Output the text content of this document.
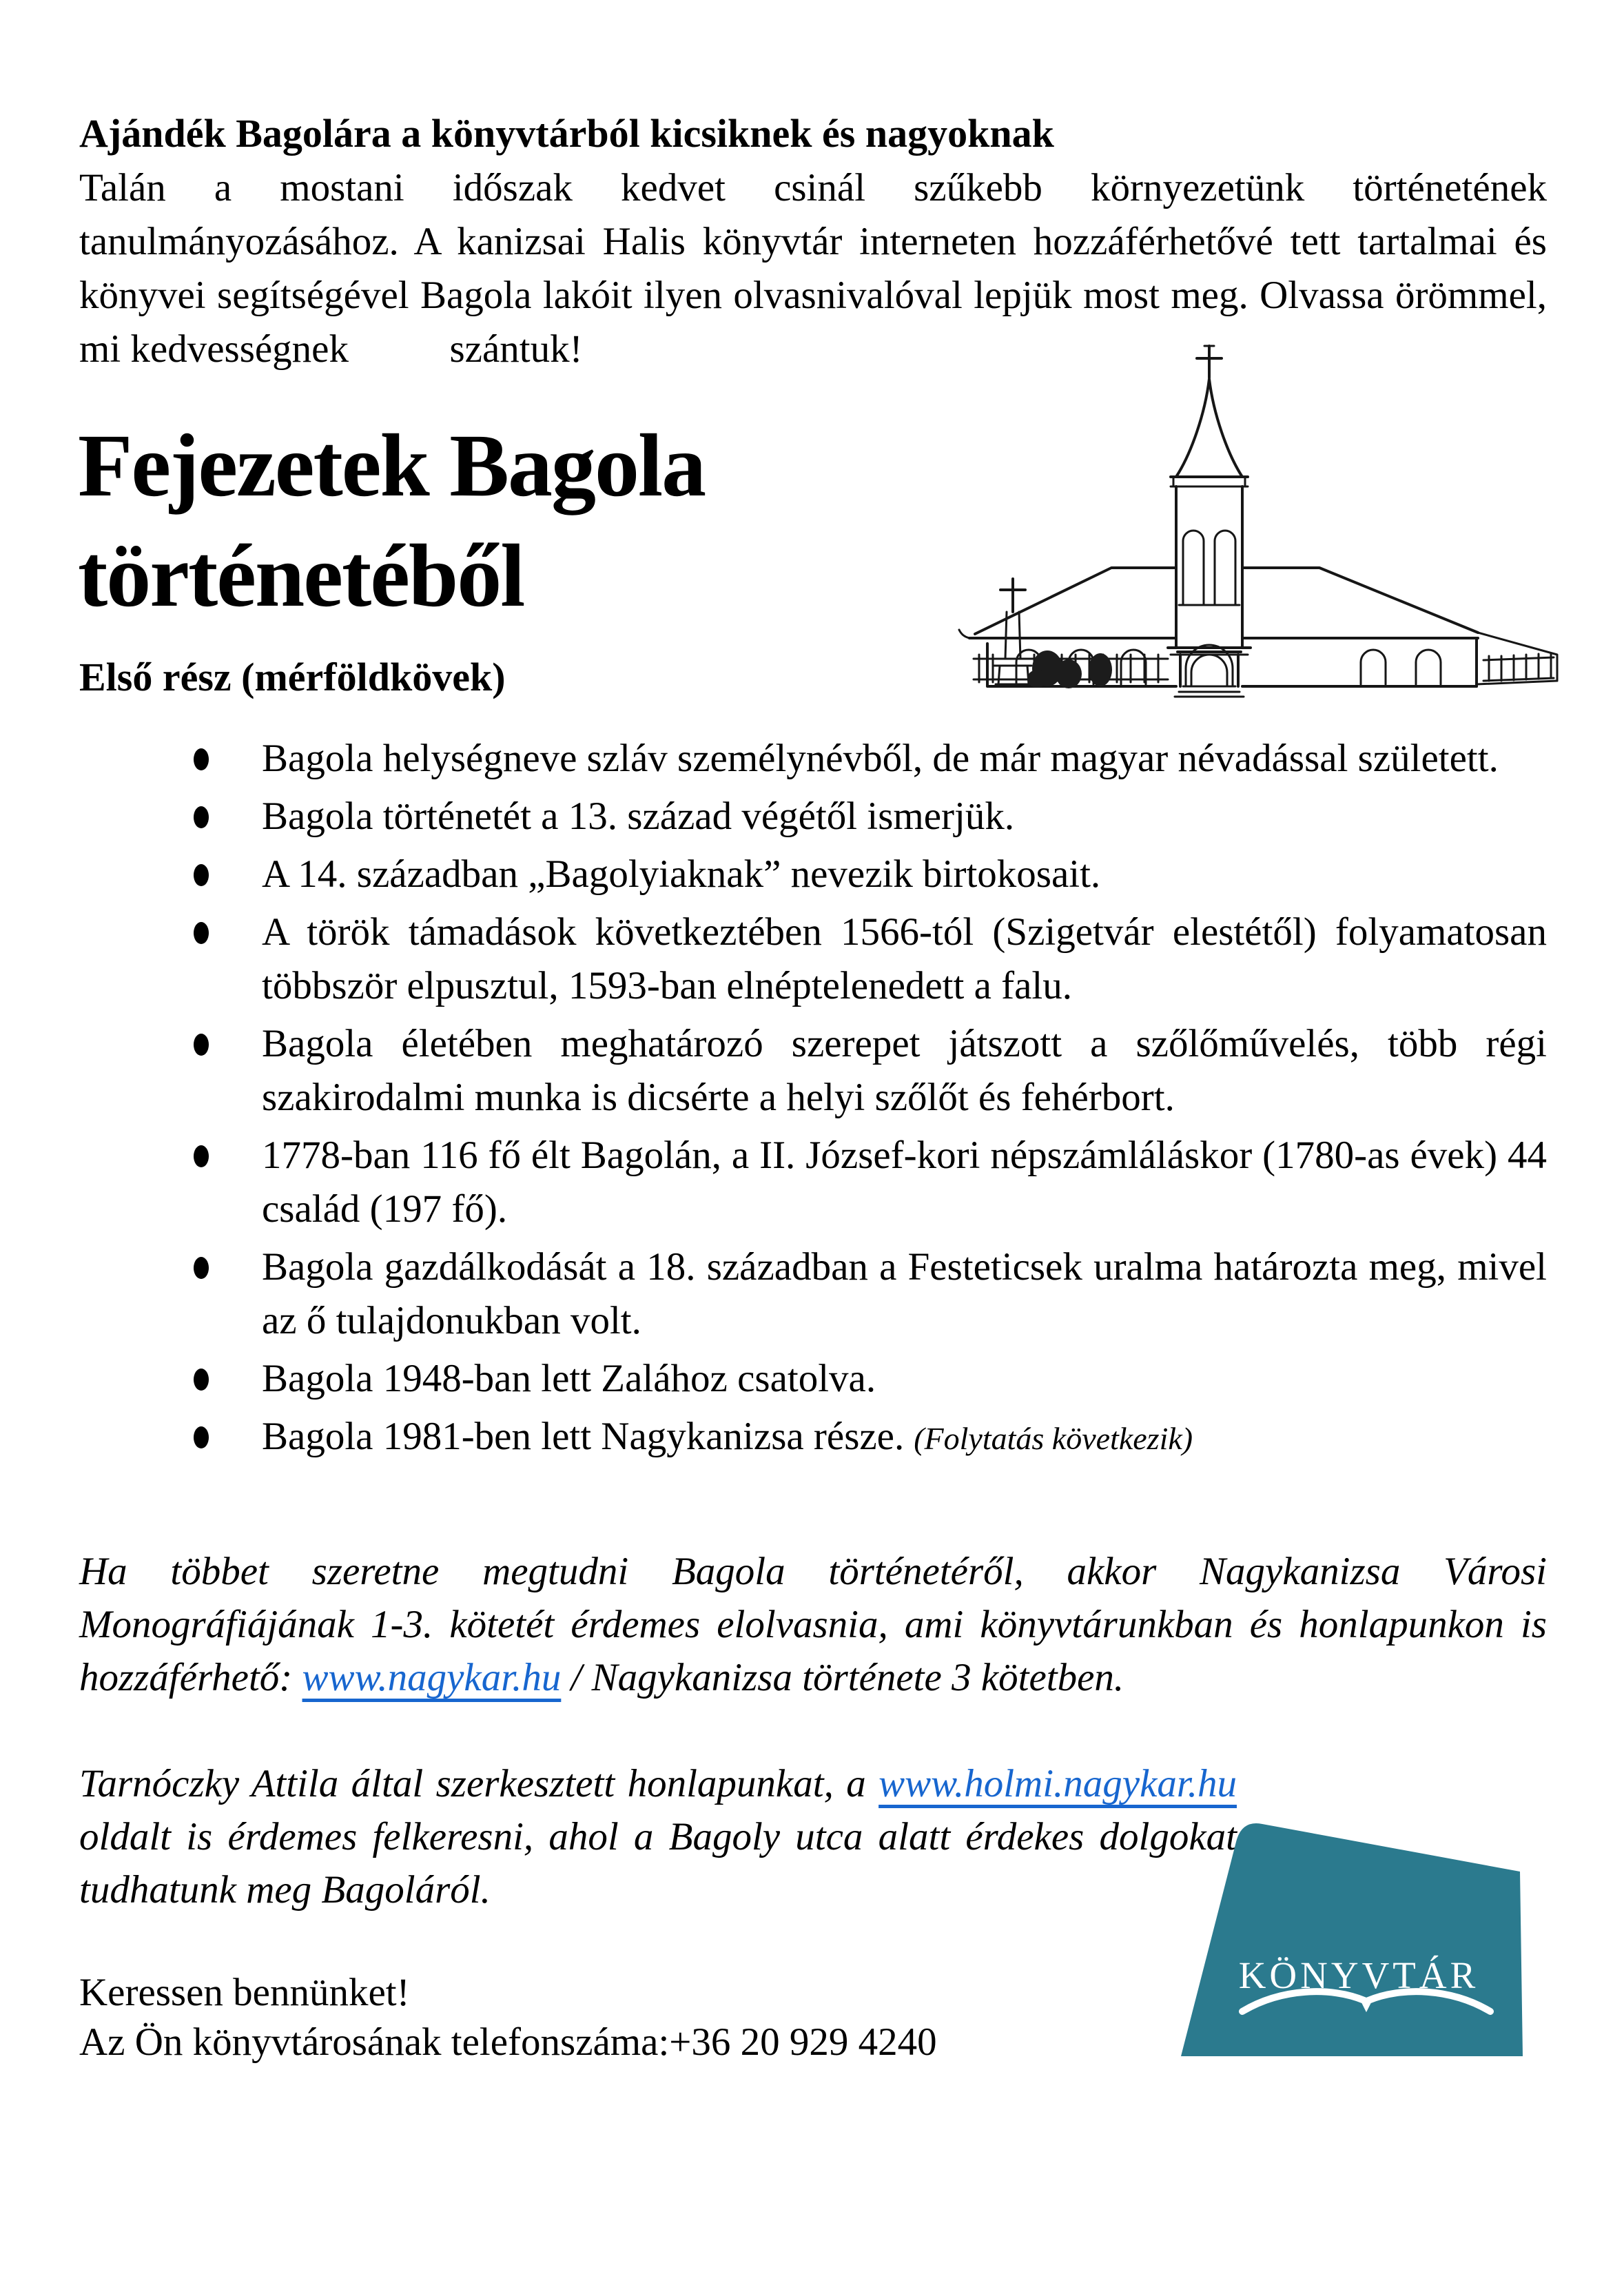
Ajándék Bagolára a könyvtárból kicsiknek és nagyoknak
Talán a mostani időszak kedvet csinál szűkebb környezetünk történetének tanulmányozásához. A kanizsai Halis könyvtár interneten hozzáférhetővé tett tartalmai és könyvei segítségével Bagola lakóit ilyen olvasnivalóval lepjük most meg. Olvassa örömmel, mi kedvességnek	szántuk!
Fejezetek Bagola
történetéből
Első rész (mérföldkövek)
Bagola helységneve szláv személynévből, de már magyar névadással született.
Bagola történetét a 13. század végétől ismerjük.
A 14. században „Bagolyiaknak” nevezik birtokosait.
A török támadások következtében 1566-tól (Szigetvár elestétől) folyamatosan többször elpusztul, 1593-ban elnéptelenedett a falu.
Bagola életében meghatározó szerepet játszott a szőlőművelés, több régi szakirodalmi munka is dicsérte a helyi szőlőt és fehérbort.
1778-ban 116 fő élt Bagolán, a II. József-kori népszámláláskor (1780-as évek) 44 család (197 fő).
Bagola gazdálkodását a 18. században a Festeticsek uralma határozta meg, mivel az ő tulajdonukban volt.
Bagola 1948-ban lett Zalához csatolva.
Bagola 1981-ben lett Nagykanizsa része. (Folytatás következik)
Ha többet szeretne megtudni Bagola történetéről, akkor Nagykanizsa Városi Monográfiájának 1-3. kötetét érdemes elolvasnia, ami könyvtárunkban és honlapunkon is hozzáférhető: www.nagykar.hu / Nagykanizsa története 3 kötetben.
Tarnóczky Attila által szerkesztett honlapunkat, a www.holmi.nagykar.hu oldalt is érdemes felkeresni, ahol a Bagoly utca alatt érdekes dolgokat tudhatunk meg Bagoláról.
Keressen bennünket!
Az Ön könyvtárosának telefonszáma:+36 20 929 4240
KÖNYVTÁR
